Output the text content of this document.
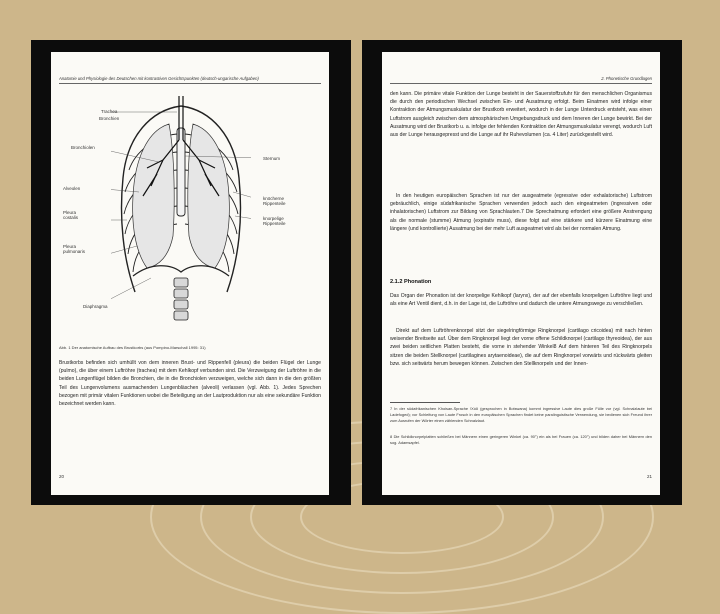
Anatomie und Physiologie des Deutschen mit kontrastiven Gesichtspunkten (deutsch-ungarische Aufgaben)
Trachea
Bronchien
Bronchiolen
Alveolen
Pleura
costalis
Pleura
pulmonaris
Diaphragma
Sternum
knöcherne
Rippenteile
knorpelige
Rippenteile
Abb. 1 Der anatomische Aufbau des Brustkorbs (aus Pompino-Marschall 1995: 31)
Brustkorbs befinden sich umhüllt von dem inneren Brust- und Rippenfell (pleura) die beiden Flügel der Lunge (pulmo), die über einem Luftröhre (trachea) mit dem Kehlkopf verbunden sind. Die Verzweigung der Luftröhre in die beiden Lungenflügel bilden die Bronchien, die in die Bronchiolen verzweigen, welche sich dann in die den größten Teil des Lungenvolumens ausmachenden Lungenbläschen (alveoli) verlassen (vgl. Abb. 1). Jedes Sprechen bezogen mit primär vitalen Funktionen wobei die Beteiligung an der Lautproduktion nur als eine sekundäre Funktion bezeichnet werden kann.
20
2. Phonetische Grundlagen
den kann. Die primäre vitale Funktion der Lunge besteht in der Sauerstoffzufuhr für den menschlichen Organismus die durch den periodischen Wechsel zwischen Ein- und Ausatmung erfolgt. Beim Einatmen wird infolge einer Kontraktion der Atmungsmuskulatur der Brustkorb erweitert, wodurch in der Lunge Unterdruck entsteht, was einen Luftstrom ausgleich zwischen dem atmosphärischen Umgebungsdruck und dem Inneren der Lunge bewirkt. Bei der Ausatmung wird der Brustkorb u. a. infolge der fehlenden Kontraktion der Atmungsmuskulatur verengt, wodurch Luft aus der Lunge herausgepresst und die Lunge auf ihr Ruhevolumen (ca. 4 Liter) zurückgestellt wird.
In den heutigen europäischen Sprachen ist nur der ausgeatmete (egressive oder exhalatorische) Luftstrom gebräuchlich, einige südafrikanische Sprachen verwenden jedoch auch den eingeatmeten (ingressiven oder inhalatorischen) Luftstrom zur Bildung von Sprachlauten.7 Die Sprechatmung erfordert eine größere Anstrengung als die normale (stumme) Atmung (expirativ muss), diese folgt auf eine stärkere und kürzere Einatmung eine längere (und kontrollierte) Ausatmung bei der mehr Luft ausgeatmet wird als bei der normalen Atmung.
2.1.2 Phonation
Das Organ der Phonation ist der knorpelige Kehlkopf (larynx), der auf der ebenfalls knorpeligen Luftröhre liegt und als eine Art Ventil dient, d.h. in der Lage ist, die Luftröhre und dadurch die untere Atmungswege zu verschließen.
Direkt auf dem Luftröhrenknorpel sitzt der siegelringförmige Ringknorpel (cartilago cricoidea) mit nach hinten weisender Breitseite auf. Über dem Ringknorpel liegt der vorne offene Schildknorpel (cartilago thyreoidea), der aus zwei beiden seitlichen Platten besteht, die vorne in stehender Winkel8 Auf dem hinteren Teil des Ringknorpels sitzen die beiden Stellknorpel (cartilagines arytaenoideae), die auf dem Ringknorpel vorwärts und rückwärts gleiten bzw. sich seitwärts herum bewegen können. Zwischen den Stellknorpeln und der Innen-
7 In der südafrikanischen Khoisan-Sprache !Xóõ (gesprochen in Botswana) kommt ingressive Laute dies große Fülle vor (vgl. Schnalzlaute bei Ladefoged); vor Schleifung von Laute Frosch in den europäischen Sprachen findet keine paralinguistische Verwendung, sie bedienen sich Freund ihrer zum Ausrufen der Wörter einen zählenden Schnalzlaut.
8 Die Schildknorpelplatten schließen bei Männern einen geringeren Winkel (ca. 90°) ein als bei Frauen (ca. 120°) und bilden daher bei Männern den sog. Adamsapfel.
21
